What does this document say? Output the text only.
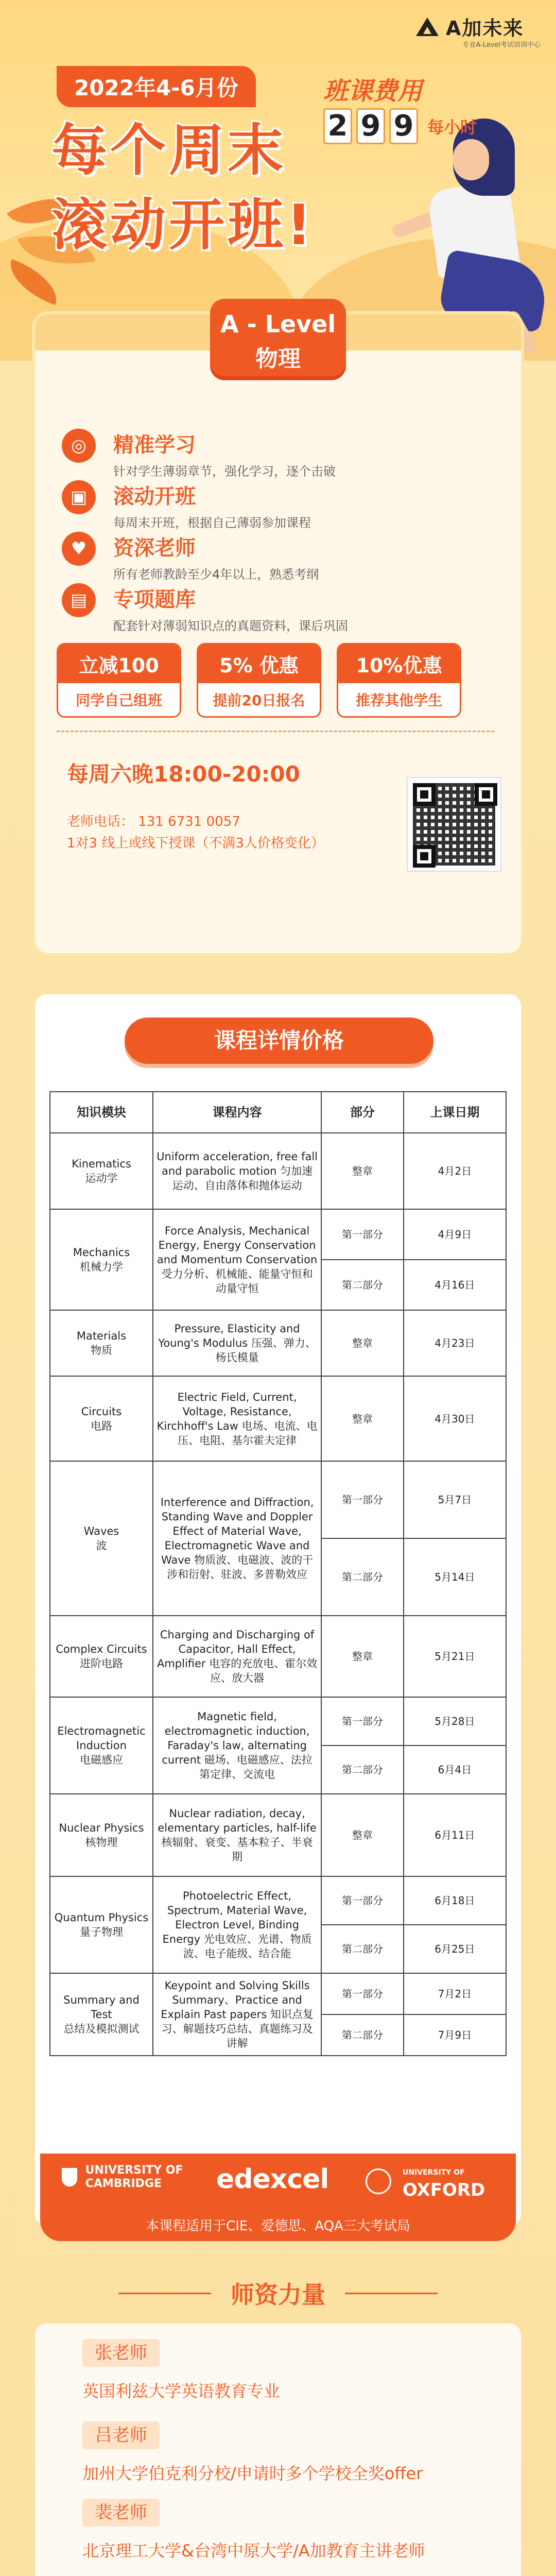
A加未来
专业A-Level考试培训中心
2022年4-6月份
每个周末
滚动开班!
班课费用
2 9 9 每小时
A - Level
物理
◎	精准学习
针对学生薄弱章节，强化学习，逐个击破
▣	滚动开班
每周末开班，根据自己薄弱参加课程
♥	资深老师
所有老师教龄至少4年以上，熟悉考纲
▤	专项题库
配套针对薄弱知识点的真题资料，课后巩固
立减100
同学自己组班
5% 优惠
提前20日报名
10%优惠
推荐其他学生
每周六晚18:00-20:00
老师电话： 131 6731 0057
1对3 线上或线下授课（不满3人价格变化）
课程详情价格
知识模块	课程内容	部分	上课日期

Kinematics
运动学	Uniform acceleration, free fall and parabolic motion 匀加速运动、自由落体和抛体运动	整章	4月2日

Mechanics
机械力学	Force Analysis, Mechanical Energy, Energy Conservation and Momentum Conservation 受力分析、机械能、能量守恒和动量守恒	第一部分	4月9日
		第二部分	4月16日

Materials
物质	Pressure, Elasticity and Young's Modulus 压强、弹力、杨氏模量	整章	4月23日

Circuits
电路	Electric Field, Current, Voltage, Resistance, Kirchhoff's Law 电场、电流、电压、电阻、基尔霍夫定律	整章	4月30日

Waves
波	Interference and Diffraction, Standing Wave and Doppler Effect of Material Wave, Electromagnetic Wave and Wave 物质波、电磁波、波的干涉和衍射、驻波、多普勒效应	第一部分	5月7日
		第二部分	5月14日

Complex Circuits
进阶电路	Charging and Discharging of Capacitor, Hall Effect, Amplifier 电容的充放电、霍尔效应、放大器	整章	5月21日

Electromagnetic Induction
电磁感应	Magnetic field, electromagnetic induction, Faraday's law, alternating current 磁场、电磁感应、法拉第定律、交流电	第一部分	5月28日
		第二部分	6月4日

Nuclear Physics
核物理	Nuclear radiation, decay, elementary particles, half-life 核辐射、衰变、基本粒子、半衰期	整章	6月11日

Quantum Physics
量子物理	Photoelectric Effect, Spectrum, Material Wave, Electron Level, Binding Energy 光电效应、光谱、物质波、电子能级、结合能	第一部分	6月18日
		第二部分	6月25日

Summary and Test
总结及模拟测试	Keypoint and Solving Skills Summary、Practice and Explain Past papers 知识点复习、解题技巧总结、真题练习及讲解	第一部分	7月2日
		第二部分	7月9日

UNIVERSITY OF
CAMBRIDGE	edexcel
	UNIVERSITY OF
OXFORD
本课程适用于CIE、爱德思、AQA三大考试局
师资力量
张老师
英国利兹大学英语教育专业
吕老师
加州大学伯克利分校/申请时多个学校全奖offer
裴老师
北京理工大学&台湾中原大学/A加教育主讲老师
